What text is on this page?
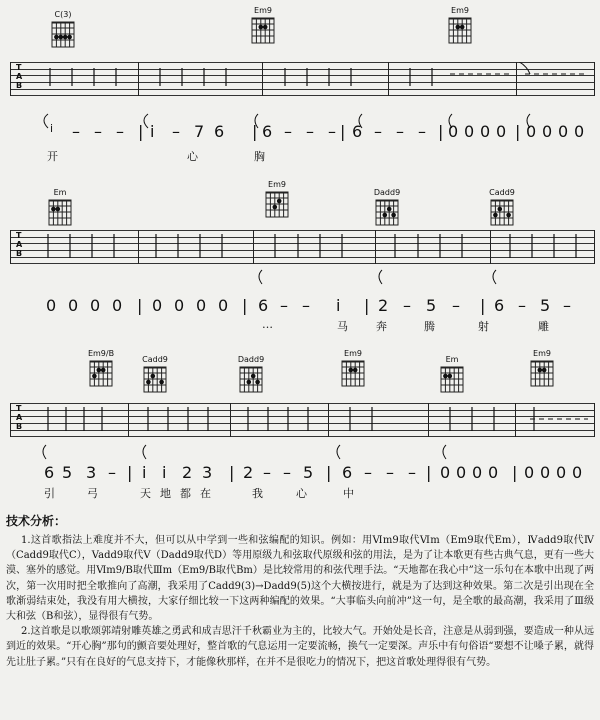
C(3)	Em9	Em9
T
A
B
i – – – | i – 7 6 | 6 – – – | 6 – – – | 0 0 0 0 | 0 0 0 0
开	心	胸
Em
Em9
Dadd9	Cadd9
T
A
B
0 0 0 0 | 0 0 0 0 | 6 – – i | 2 – 5 – | 6 – 5 –
…	马	奔	腾	射	雕
Em9/B
Cadd9	Dadd9
Em9
Em
Em9
T
A
B
6 5 3 – | i i 2 3 | 2 – – 5 | 6 – – – | 0 0 0 0 | 0 0 0 0
引	弓	天地都在	我	心	中
技术分析：

1.这首歌指法上难度并不大，但可以从中学到一些和弦编配的知识。例如：用Ⅵm9取代Ⅵm（Em9取代Em），Ⅳadd9取代Ⅳ（Cadd9取代C），Vadd9取代Ⅴ（Dadd9取代D）等用原级九和弦取代原级和弦的用法，是为了让本歌更有些古典气息，更有一些大漠、塞外的感觉。用Ⅵm9/B取代Ⅲm（Em9/B取代Bm）是比较常用的和弦代理手法。“天地都在我心中”这一乐句在本歌中出现了两次，第一次用时把全歌推向了高潮，我采用了Cadd9(3)→Dadd9(5)这个大横按进行，就是为了达到这种效果。第二次是引出现在全歌渐弱结束处，我没有用大横按，大家仔细比较一下这两种编配的效果。“大事临头向前冲”这一句，是全歌的最高潮，我采用了Ⅲ级大和弦（B和弦），显得很有气势。

2.这首歌是以歌颂郭靖射雕英雄之勇武和成吉思汗千秋霸业为主的，比较大气。开始处是长音，注意是从弱到强，要造成一种从远到近的效果。“开心胸”那句的颤音要处理好，整首歌的气息运用一定要流畅，换气一定要深。声乐中有句俗语“要想不让嗓子累，就得先让肚子累。”只有在良好的气息支持下，才能像秋那样，在并不是很吃力的情况下，把这首歌处理得很有气势。
